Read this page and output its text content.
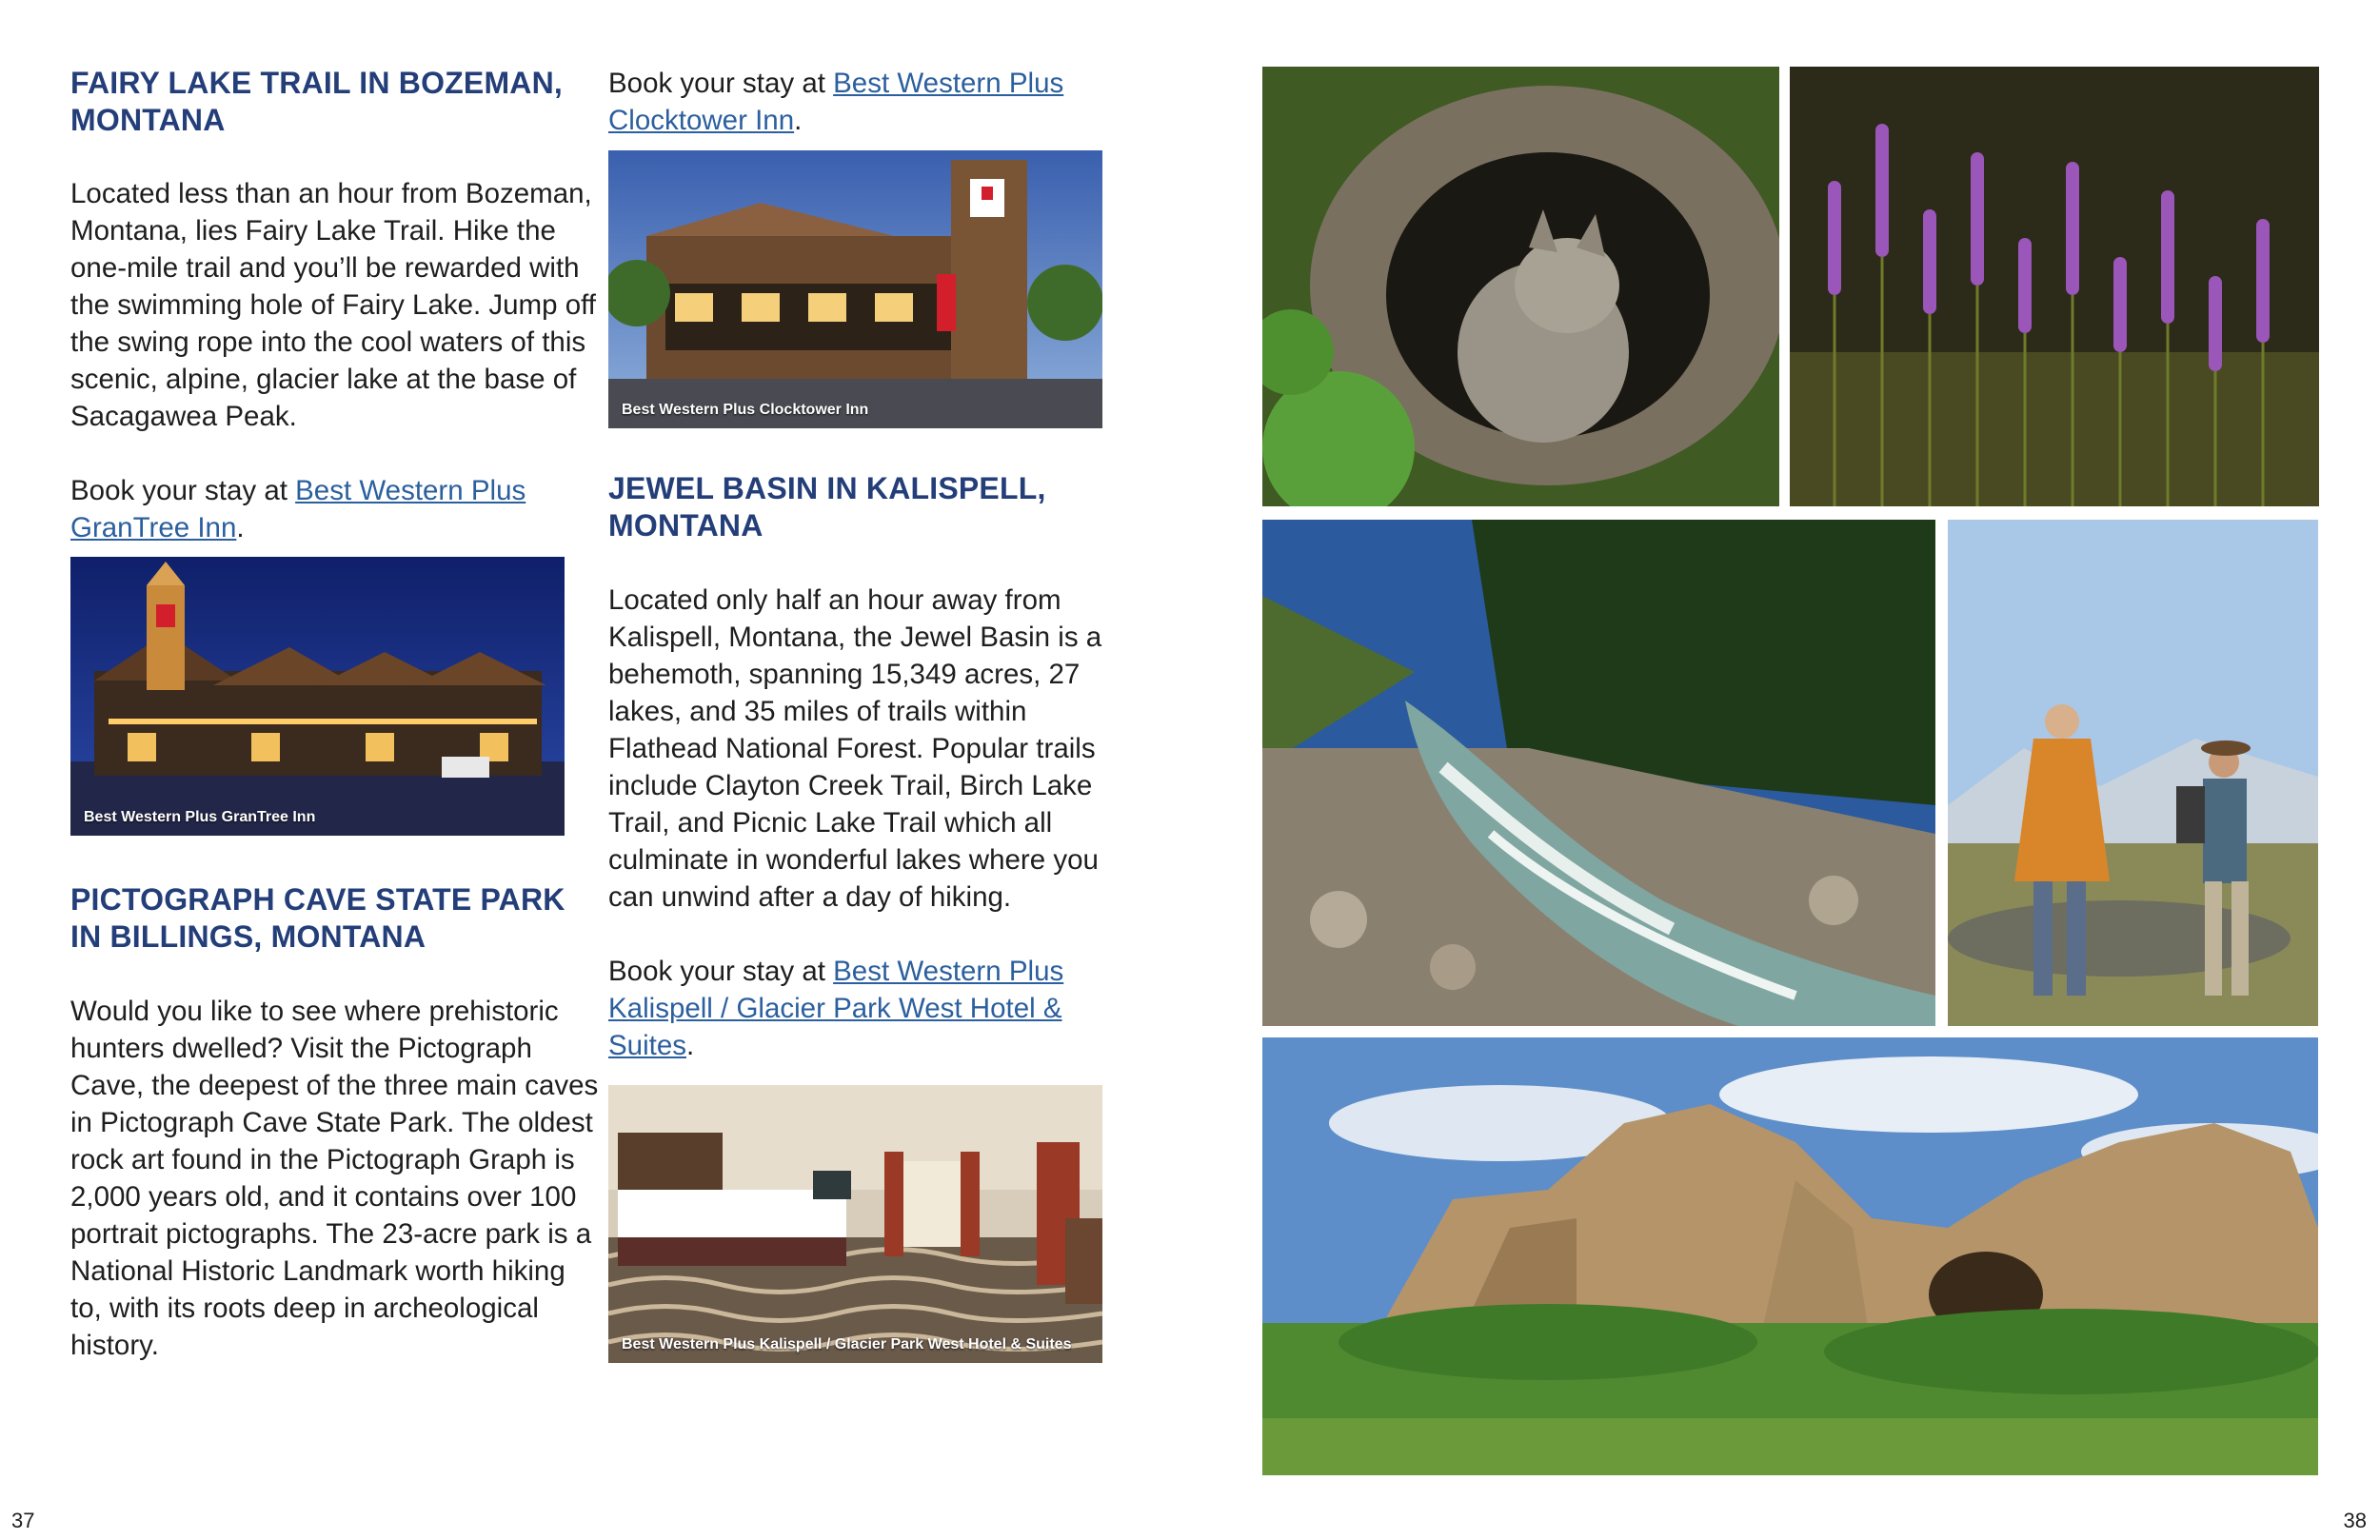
FAIRY LAKE TRAIL IN BOZEMAN, MONTANA

Located less than an hour from Bozeman, Montana, lies Fairy Lake Trail. Hike the one-mile trail and you’ll be rewarded with the swimming hole of Fairy Lake. Jump off the swing rope into the cool waters of this scenic, alpine, glacier lake at the base of Sacagawea Peak.

Book your stay at Best Western Plus GranTree Inn.

Best Western Plus GranTree Inn
PICTOGRAPH CAVE STATE PARK IN BILLINGS, MONTANA

Would you like to see where prehistoric hunters dwelled? Visit the Pictograph Cave, the deepest of the three main caves in Pictograph Cave State Park. The oldest rock art found in the Pictograph Graph is 2,000 years old, and it contains over 100 portrait pictographs. The 23-acre park is a National Historic Landmark worth hiking to, with its roots deep in archeological history.

Book your stay at Best Western Plus Clocktower Inn.

Best Western Plus Clocktower Inn
JEWEL BASIN IN KALISPELL, MONTANA

Located only half an hour away from Kalispell, Montana, the Jewel Basin is a behemoth, spanning 15,349 acres, 27 lakes, and 35 miles of trails within Flathead National Forest. Popular trails include Clayton Creek Trail, Birch Lake Trail, and Picnic Lake Trail which all culminate in wonderful lakes where you can unwind after a day of hiking.

Book your stay at Best Western Plus Kalispell / Glacier Park West Hotel & Suites.

Best Western Plus Kalispell / Glacier Park West Hotel & Suites
37	38
